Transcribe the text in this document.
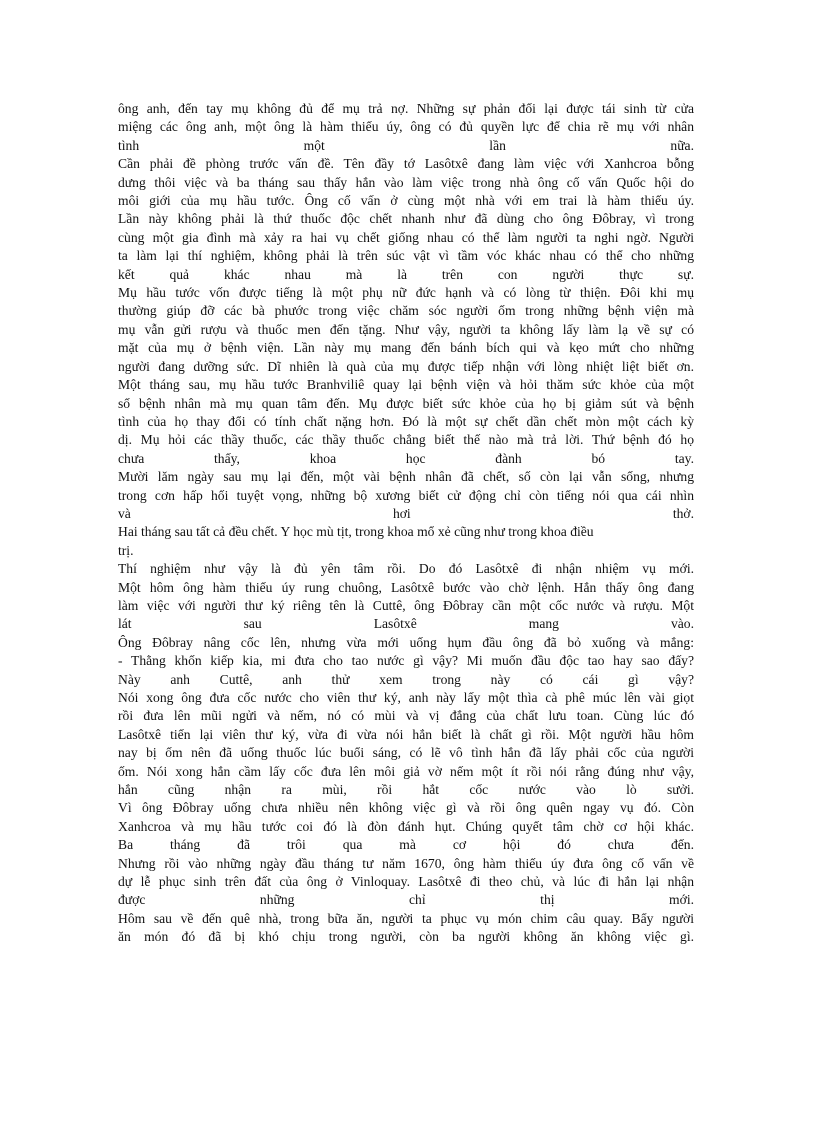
ông anh, đến tay mụ không đủ để mụ trả nợ. Những sự phản đối lại được tái sinh từ cửa
miệng các ông anh, một ông là hàm thiếu úy, ông có đủ quyền lực để chia rẽ mụ với nhân
tình một lần nữa.
Cần phải đề phòng trước vấn đề. Tên đầy tớ Lasôtxê đang làm việc với Xanhcroa bỗng
dưng thôi việc và ba tháng sau thấy hắn vào làm việc trong nhà ông cố vấn Quốc hội do
môi giới của mụ hầu tước. Ông cố vấn ở cùng một nhà với em trai là hàm thiếu úy.
Lần này không phải là thứ thuốc độc chết nhanh như đã dùng cho ông Đôbray, vì trong
cùng một gia đình mà xảy ra hai vụ chết giống nhau có thể làm người ta nghi ngờ. Người
ta làm lại thí nghiệm, không phải là trên súc vật vì tầm vóc khác nhau có thể cho những
kết quả khác nhau mà là trên con người thực sự.
Mụ hầu tước vốn được tiếng là một phụ nữ đức hạnh và có lòng từ thiện. Đôi khi mụ
thường giúp đỡ các bà phước trong việc chăm sóc người ốm trong những bệnh viện mà
mụ vẫn gửi rượu và thuốc men đến tặng. Như vậy, người ta không lấy làm lạ về sự có
mặt của mụ ở bệnh viện. Lần này mụ mang đến bánh bích qui và kẹo mứt cho những
người đang dưỡng sức. Dĩ nhiên là quà của mụ được tiếp nhận với lòng nhiệt liệt biết ơn.
Một tháng sau, mụ hầu tước Branhviliê quay lại bệnh viện và hỏi thăm sức khỏe của một
số bệnh nhân mà mụ quan tâm đến. Mụ được biết sức khỏe của họ bị giảm sút và bệnh
tình của họ thay đổi có tính chất nặng hơn. Đó là một sự chết dần chết mòn một cách kỳ
dị. Mụ hỏi các thầy thuốc, các thầy thuốc chẳng biết thế nào mà trả lời. Thứ bệnh đó họ
chưa thấy, khoa học đành bó tay.
Mười lăm ngày sau mụ lại đến, một vài bệnh nhân đã chết, số còn lại vẫn sống, nhưng
trong cơn hấp hối tuyệt vọng, những bộ xương biết cử động chỉ còn tiếng nói qua cái nhìn
và hơi thở.
Hai tháng sau tất cả đều chết. Y học mù tịt, trong khoa mổ xẻ cũng như trong khoa điều
trị.
Thí nghiệm như vậy là đủ yên tâm rồi. Do đó Lasôtxê đi nhận nhiệm vụ mới.
Một hôm ông hàm thiếu úy rung chuông, Lasôtxê bước vào chờ lệnh. Hắn thấy ông đang
làm việc với người thư ký riêng tên là Cuttê, ông Đôbray cần một cốc nước và rượu. Một
lát sau Lasôtxê mang vào.
Ông Đôbray nâng cốc lên, nhưng vừa mới uống hụm đầu ông đã bỏ xuống và mắng:
- Thằng khốn kiếp kia, mi đưa cho tao nước gì vậy? Mi muốn đầu độc tao hay sao đấy?
Này anh Cuttê, anh thử xem trong này có cái gì vậy?
Nói xong ông đưa cốc nước cho viên thư ký, anh này lấy một thìa cà phê múc lên vài giọt
rồi đưa lên mũi ngửi và nếm, nó có mùi và vị đắng của chất lưu toan. Cùng lúc đó
Lasôtxê tiến lại viên thư ký, vừa đi vừa nói hắn biết là chất gì rồi. Một người hầu hôm
nay bị ốm nên đã uống thuốc lúc buổi sáng, có lẽ vô tình hắn đã lấy phải cốc của người
ốm. Nói xong hắn cầm lấy cốc đưa lên môi giả vờ nếm một ít rồi nói rằng đúng như vậy,
hắn cũng nhận ra mùi, rồi hắt cốc nước vào lò sưởi.
Vì ông Đôbray uống chưa nhiều nên không việc gì và rồi ông quên ngay vụ đó. Còn
Xanhcroa và mụ hầu tước coi đó là đòn đánh hụt. Chúng quyết tâm chờ cơ hội khác.
Ba tháng đã trôi qua mà cơ hội đó chưa đến.
Nhưng rồi vào những ngày đầu tháng tư năm 1670, ông hàm thiếu úy đưa ông cố vấn về
dự lễ phục sinh trên đất của ông ở Vinloquay. Lasôtxê đi theo chủ, và lúc đi hắn lại nhận
được những chỉ thị mới.
Hôm sau về đến quê nhà, trong bữa ăn, người ta phục vụ món chim câu quay. Bẩy người
ăn món đó đã bị khó chịu trong người, còn ba người không ăn không việc gì.
